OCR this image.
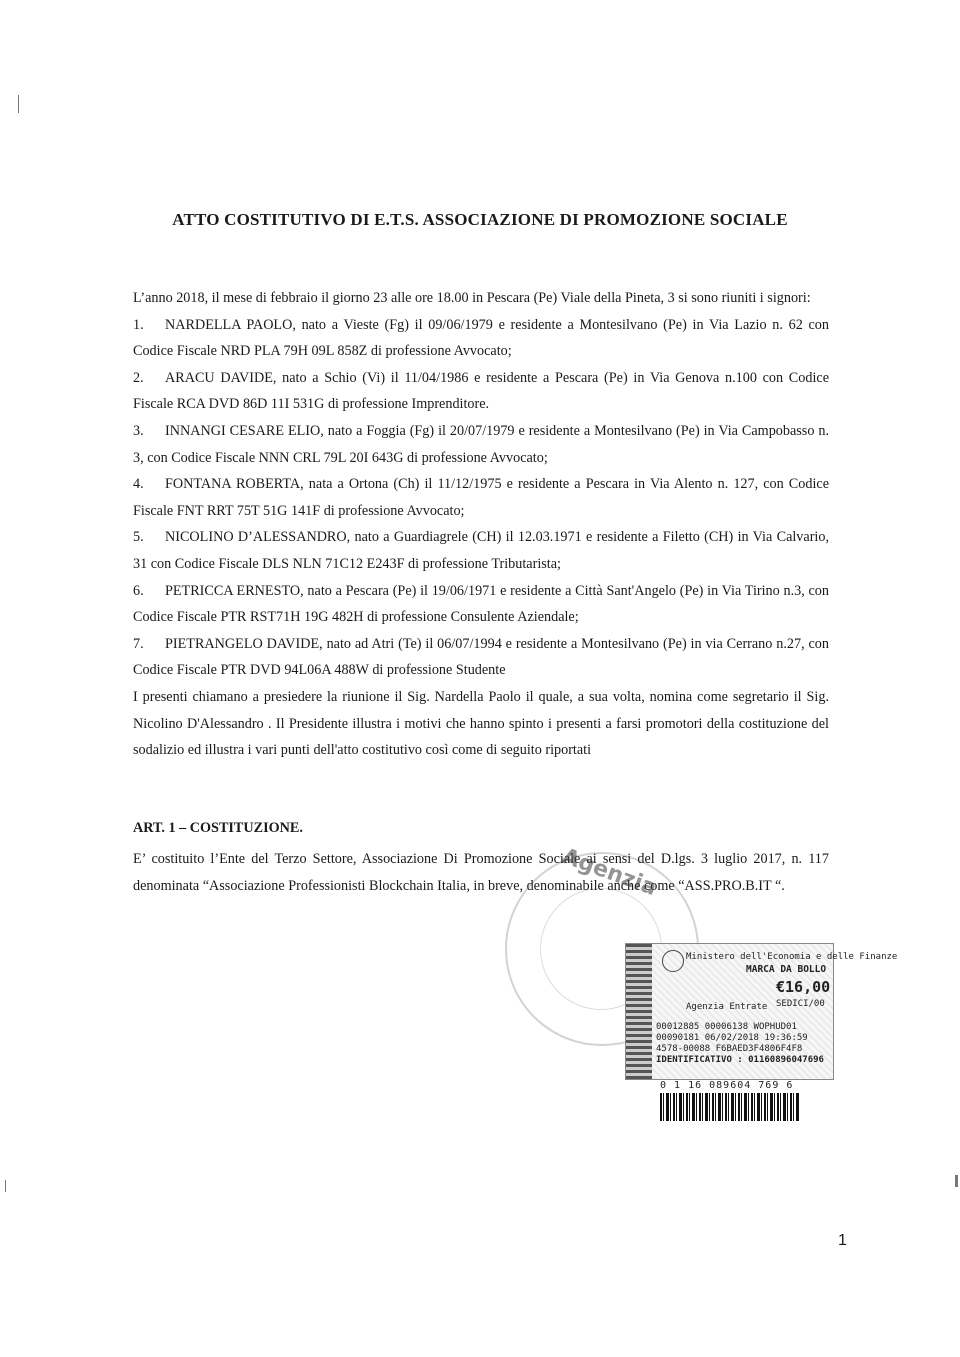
ATTO COSTITUTIVO DI E.T.S. ASSOCIAZIONE DI PROMOZIONE SOCIALE

L’anno 2018, il mese di febbraio il giorno 23 alle ore 18.00 in Pescara (Pe) Viale della Pineta, 3 si sono riuniti i signori:

1. NARDELLA PAOLO, nato a Vieste (Fg) il 09/06/1979 e residente a Montesilvano (Pe) in Via Lazio n. 62 con Codice Fiscale NRD PLA 79H 09L 858Z di professione Avvocato;
2. ARACU DAVIDE, nato a Schio (Vi) il 11/04/1986 e residente a Pescara (Pe) in Via Genova n.100 con Codice Fiscale RCA DVD 86D 11I 531G di professione Imprenditore.
3. INNANGI CESARE ELIO, nato a Foggia (Fg) il 20/07/1979 e residente a Montesilvano (Pe) in Via Campobasso n. 3, con Codice Fiscale NNN CRL 79L 20I 643G di professione Avvocato;
4. FONTANA ROBERTA, nata a Ortona (Ch) il 11/12/1975 e residente a Pescara in Via Alento n. 127, con Codice Fiscale FNT RRT 75T 51G 141F di professione Avvocato;
5. NICOLINO D’ALESSANDRO, nato a Guardiagrele (CH) il 12.03.1971 e residente a Filetto (CH) in Via Calvario, 31 con Codice Fiscale DLS NLN 71C12 E243F di professione Tributarista;
6. PETRICCA ERNESTO, nato a Pescara (Pe) il 19/06/1971 e residente a Città Sant'Angelo (Pe) in Via Tirino n.3, con Codice Fiscale PTR RST71H 19G 482H di professione Consulente Aziendale;
7. PIETRANGELO DAVIDE, nato ad Atri (Te) il 06/07/1994 e residente a Montesilvano (Pe) in via Cerrano n.27, con Codice Fiscale PTR DVD 94L06A 488W di professione Studente

I presenti chiamano a presiedere la riunione il Sig. Nardella Paolo il quale, a sua volta, nomina come segretario il Sig. Nicolino D'Alessandro . Il Presidente illustra i motivi che hanno spinto i presenti a farsi promotori della costituzione del sodalizio ed illustra i vari punti dell'atto costitutivo così come di seguito riportati

ART. 1 – COSTITUZIONE.
E’ costituito l’Ente del Terzo Settore, Associazione Di Promozione Sociale ai sensi del D.lgs. 3 luglio 2017, n. 117 denominata “Associazione Professionisti Blockchain Italia, in breve, denominabile anche come “ASS.PRO.B.IT “.
Agenzia
Ministero dell'Economia e delle Finanze
MARCA DA BOLLO
€16,00
SEDICI/00
Agenzia Entrate
00012885 00006138 WOPHUD01
00090181 06/02/2018 19:36:59
4578-00088 F6BAED3F4806F4F8
IDENTIFICATIVO : 01160896047696
0 1 16 089604 769 6
1
